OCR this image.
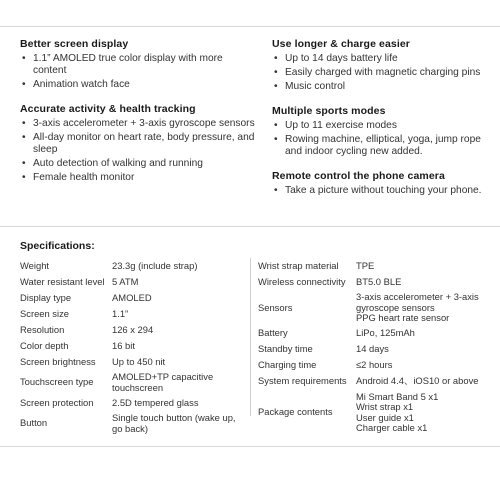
Better screen display
• 1.1” AMOLED true color display with more content
• Animation watch face
Accurate activity & health tracking
• 3-axis accelerometer + 3-axis gyroscope sensors
• All-day monitor on heart rate, body pressure, and sleep
• Auto detection of walking and running
• Female health monitor
Use longer & charge easier
• Up to 14 days battery life
• Easily charged with magnetic charging pins
• Music control
Multiple sports modes
• Up to 11 exercise modes
• Rowing machine, elliptical, yoga, jump rope and indoor cycling new added.
Remote control the phone camera
• Take a picture without touching your phone.
Specifications:
Weight	23.3g (include strap)
Water resistant level	5 ATM
Display type	AMOLED
Screen size	1.1”
Resolution	126 x 294
Color depth	16 bit
Screen brightness	Up to 450 nit
Touchscreen type	AMOLED+TP capacitive touchscreen
Screen protection	2.5D tempered glass
Button	Single touch button (wake up, go back)
Wrist strap material	TPE
Wireless connectivity	BT5.0 BLE
Sensors	3-axis accelerometer + 3-axis gyroscope sensors
PPG heart rate sensor
Battery	LiPo, 125mAh
Standby time	14 days
Charging time	≤2 hours
System requirements	Android 4.4、iOS10 or above
Package contents	Mi Smart Band 5 x1
Wrist strap x1
User guide x1
Charger cable x1
